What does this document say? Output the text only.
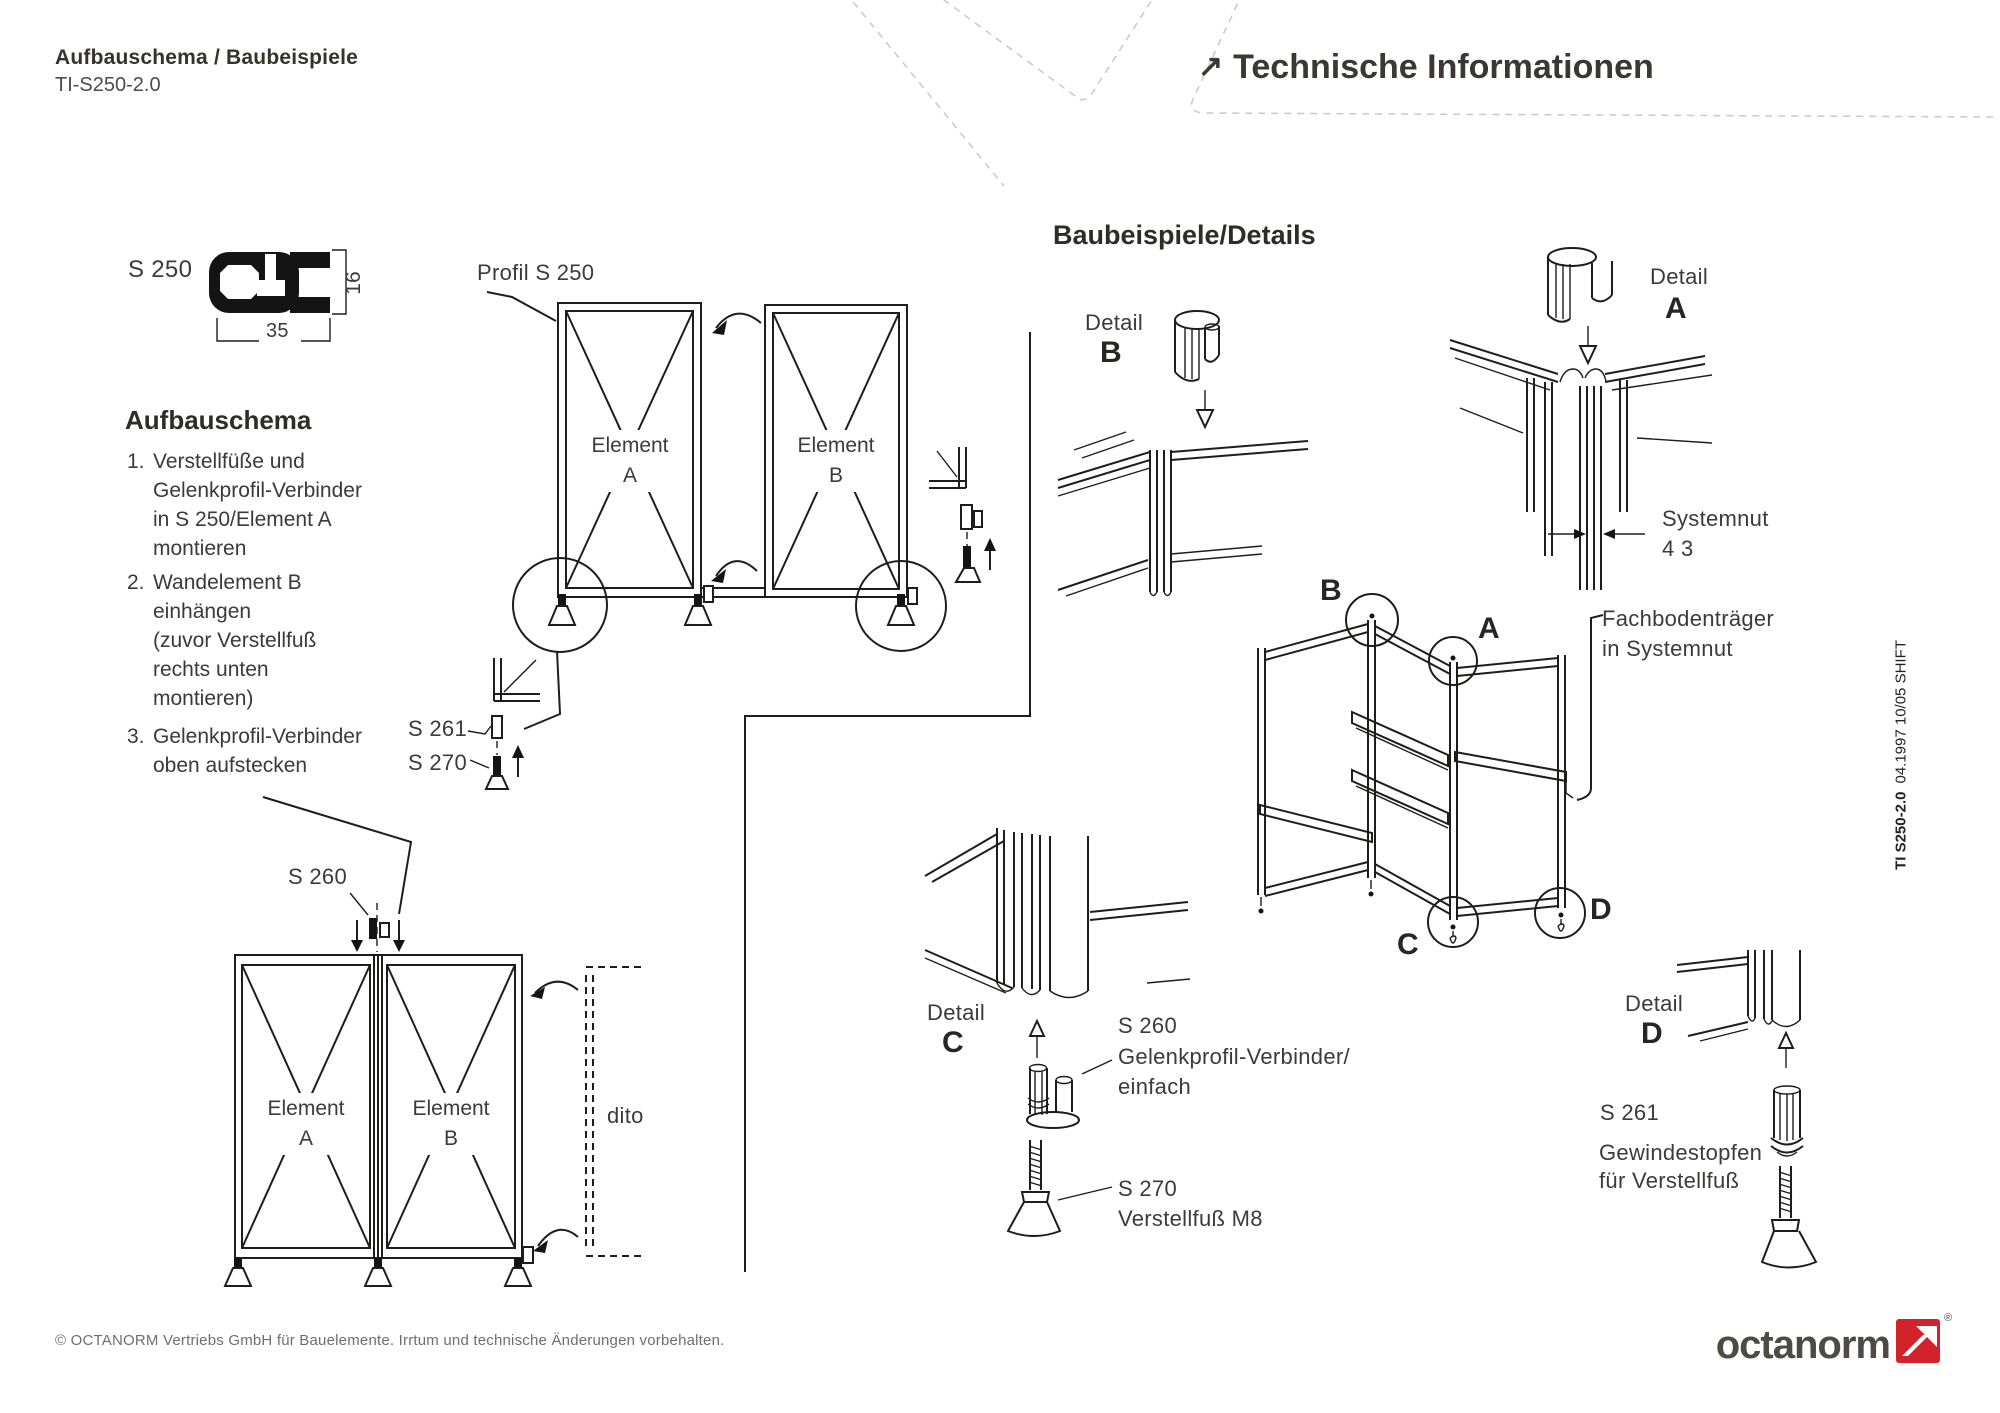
Aufbauschema / Baubeispiele
TI-S250-2.0
↗ Technische Informationen
S 250
16
35
Aufbauschema
1. Verstellfüße und
Gelenkprofil-Verbinder
in S 250/Element A
montieren
2. Wandelement B
einhängen
(zuvor Verstellfuß
rechts unten
montieren)
3. Gelenkprofil-Verbinder
oben aufstecken
Profil S 250
Element
A
Element
B
S 261
S 270
S 260
Element
A
Element
B
dito
Baubeispiele/Details
Detail
B
Detail
A
Systemnut
4 3
B
A
C
D
Fachbodenträger
in Systemnut
Detail
C
S 260
Gelenkprofil-Verbinder/
einfach
S 270
Verstellfuß M8
Detail
D
S 261
Gewindestopfen
für Verstellfuß
TI S250-2.004.1997 10/05 SHIFT
© OCTANORM Vertriebs GmbH für Bauelemente. Irrtum und technische Änderungen vorbehalten.	octanorm
®
